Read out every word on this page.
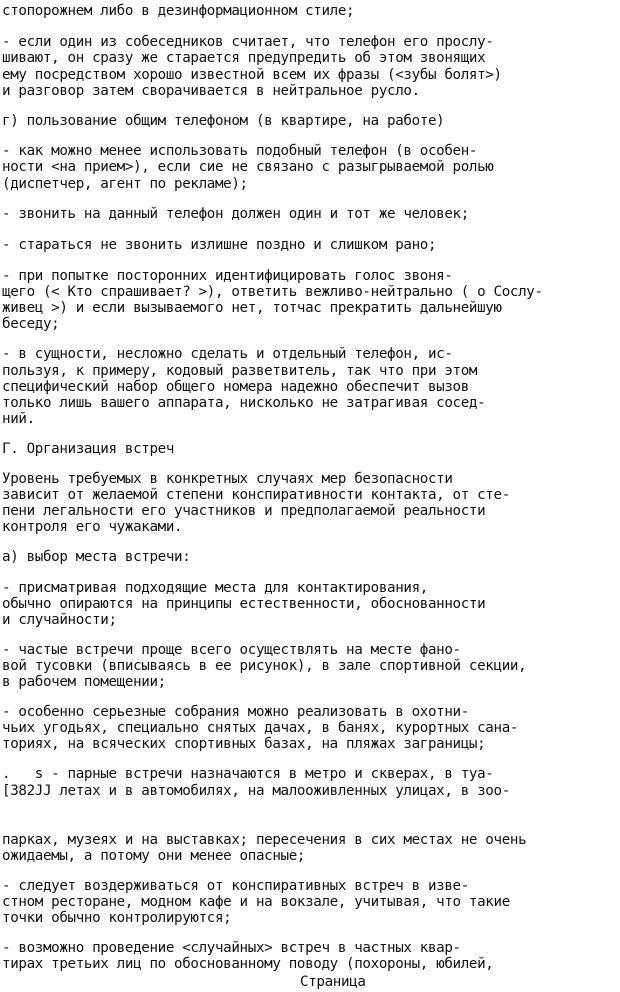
стопорожнем либо в дезинформационном стиле;

- если один из собеседников считает, что телефон его прослу-

шивают, он сразу же старается предупредить об этом звонящих

ему посредством хорошо известной всем их фразы (<зубы болят>)

и разговор затем сворачивается в нейтральное русло.

г) пользование общим телефоном (в квартире, на работе)

- как можно менее использовать подобный телефон (в особен-

ности <на прием>), если сие не связано с разыгрываемой ролью

(диспетчер, агент по рекламе);

- звонить на данный телефон должен один и тот же человек;

- стараться не звонить излишне поздно и слишком рано;

- при попытке посторонних идентифицировать голос звоня-

щего (< Кто спрашивает? >), ответить вежливо-нейтрально ( о Сослу-

живец >) и если вызываемого нет, тотчас прекратить дальнейшую

беседу;

- в сущности, несложно сделать и отдельный телефон, ис-

пользуя, к примеру, кодовый разветвитель, так что при этом

специфический набор общего номера надежно обеспечит вызов

только лишь вашего аппарата, нисколько не затрагивая сосед-

ний.

Г. Организация встреч

Уровень требуемых в конкретных случаях мер безопасности

зависит от желаемой степени конспиративности контакта, от сте-

пени легальности его участников и предполагаемой реальности

контроля его чужаками.

а) выбор места встречи:

- присматривая подходящие места для контактирования,

обычно опираются на принципы естественности, обоснованности

и случайности;

- частые встречи проще всего осуществлять на месте фано-

вой тусовки (вписываясь в ее рисунок), в зале спортивной секции,

в рабочем помещении;

- особенно серьезные собрания можно реализовать в охотни-

чьих угодьях, специально снятых дачах, в банях, курортных сана-

ториях, на всяческих спортивных базах, на пляжах заграницы;

.   s - парные встречи назначаются в метро и скверах, в туа-

[382JJ летах и в автомобилях, на малооживленных улицах, в зоо-

парках, музеях и на выставках; пересечения в сих местах не очень

ожидаемы, а потому они менее опасные;

- следует воздерживаться от конспиративных встреч в изве-

стном ресторане, модном кафе и на вокзале, учитывая, что такие

точки обычно контролируются;

- возможно проведение <случайных> встреч в частных квар-

тирах третьих лиц по обоснованному поводу (похороны, юбилей,

Страница
